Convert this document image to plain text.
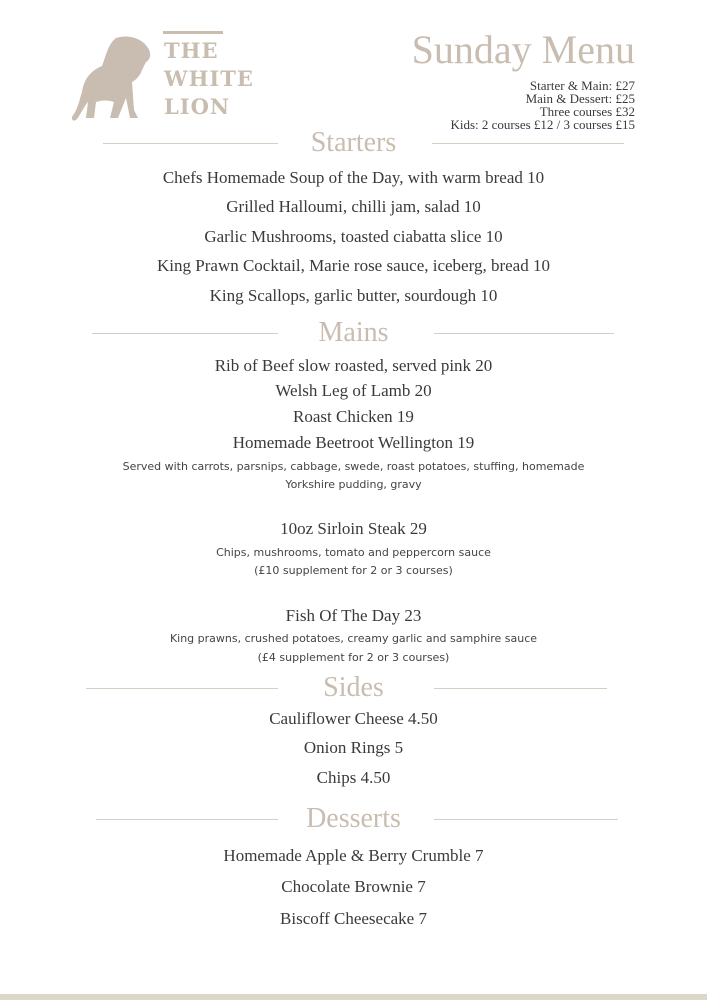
THE
WHITE
LION
Sunday Menu
Starter & Main: £27
Main & Dessert: £25
Three courses £32
Kids: 2 courses £12 / 3 courses £15
Starters
Chefs Homemade Soup of the Day, with warm bread 10
Grilled Halloumi, chilli jam, salad 10
Garlic Mushrooms, toasted ciabatta slice 10
King Prawn Cocktail, Marie rose sauce, iceberg, bread 10
King Scallops, garlic butter, sourdough 10
Mains
Rib of Beef slow roasted, served pink 20
Welsh Leg of Lamb 20
Roast Chicken 19
Homemade Beetroot Wellington 19
Served with carrots, parsnips, cabbage, swede, roast potatoes, stuffing, homemade
Yorkshire pudding, gravy
10oz Sirloin Steak 29
Chips, mushrooms, tomato and peppercorn sauce
(£10 supplement for 2 or 3 courses)
Fish Of The Day 23
King prawns, crushed potatoes, creamy garlic and samphire sauce
(£4 supplement for 2 or 3 courses)
Sides
Cauliflower Cheese 4.50
Onion Rings 5
Chips 4.50
Desserts
Homemade Apple & Berry Crumble 7
Chocolate Brownie 7
Biscoff Cheesecake 7
